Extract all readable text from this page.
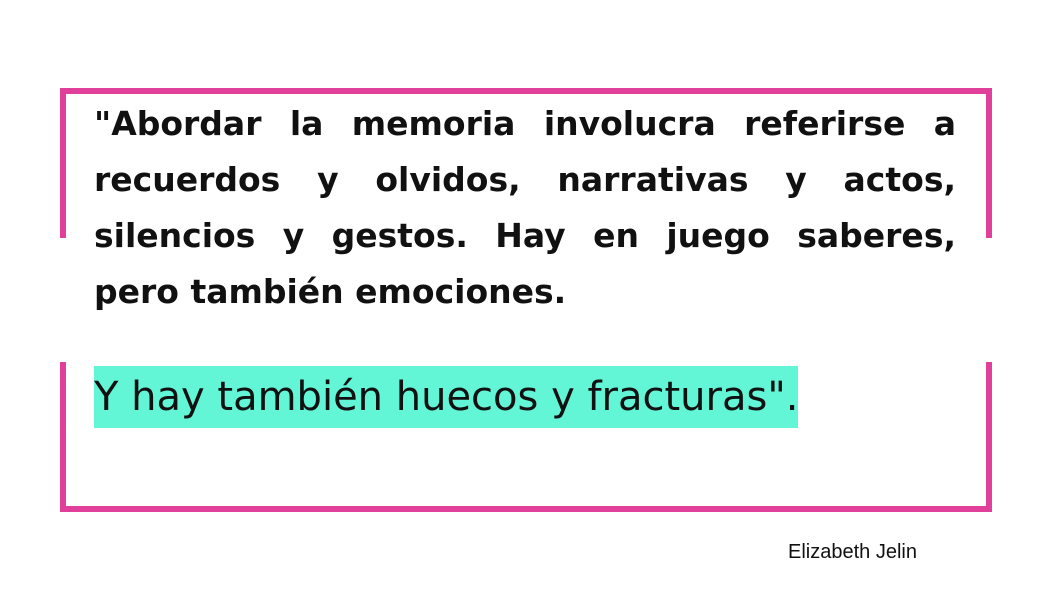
"Abordar la memoria involucra referirse a recuerdos y olvidos, narrativas y actos, silencios y gestos. Hay en juego saberes, pero también emociones.

Y hay también huecos y fracturas".

Elizabeth Jelin
